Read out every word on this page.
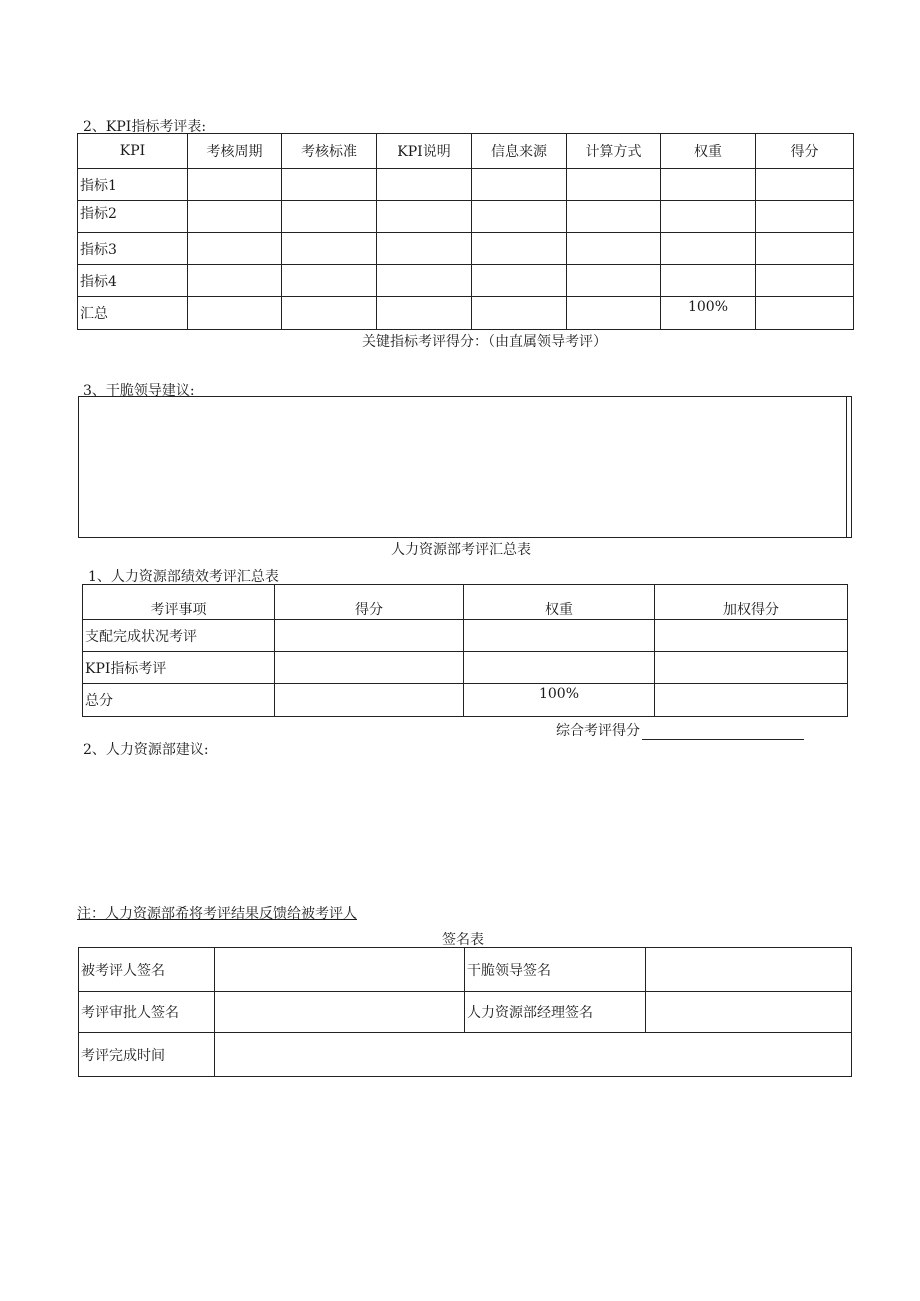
2、KPI指标考评表:
KPI	考核周期	考核标准	KPI说明	信息来源	计算方式	权重	得分
指标1							
指标2							
指标3							
指标4							
汇总						100%	
关键指标考评得分：（由直属领导考评）
3、干脆领导建议:
人力资源部考评汇总表
1、人力资源部绩效考评汇总表
考评事项	得分	权重	加权得分
支配完成状况考评			
KPI指标考评			
总分		100%	
综合考评得分
2、人力资源部建议:
注：人力资源部希将考评结果反馈给被考评人
签名表
被考评人签名		干脆领导签名	
考评审批人签名		人力资源部经理签名	
考评完成时间			
